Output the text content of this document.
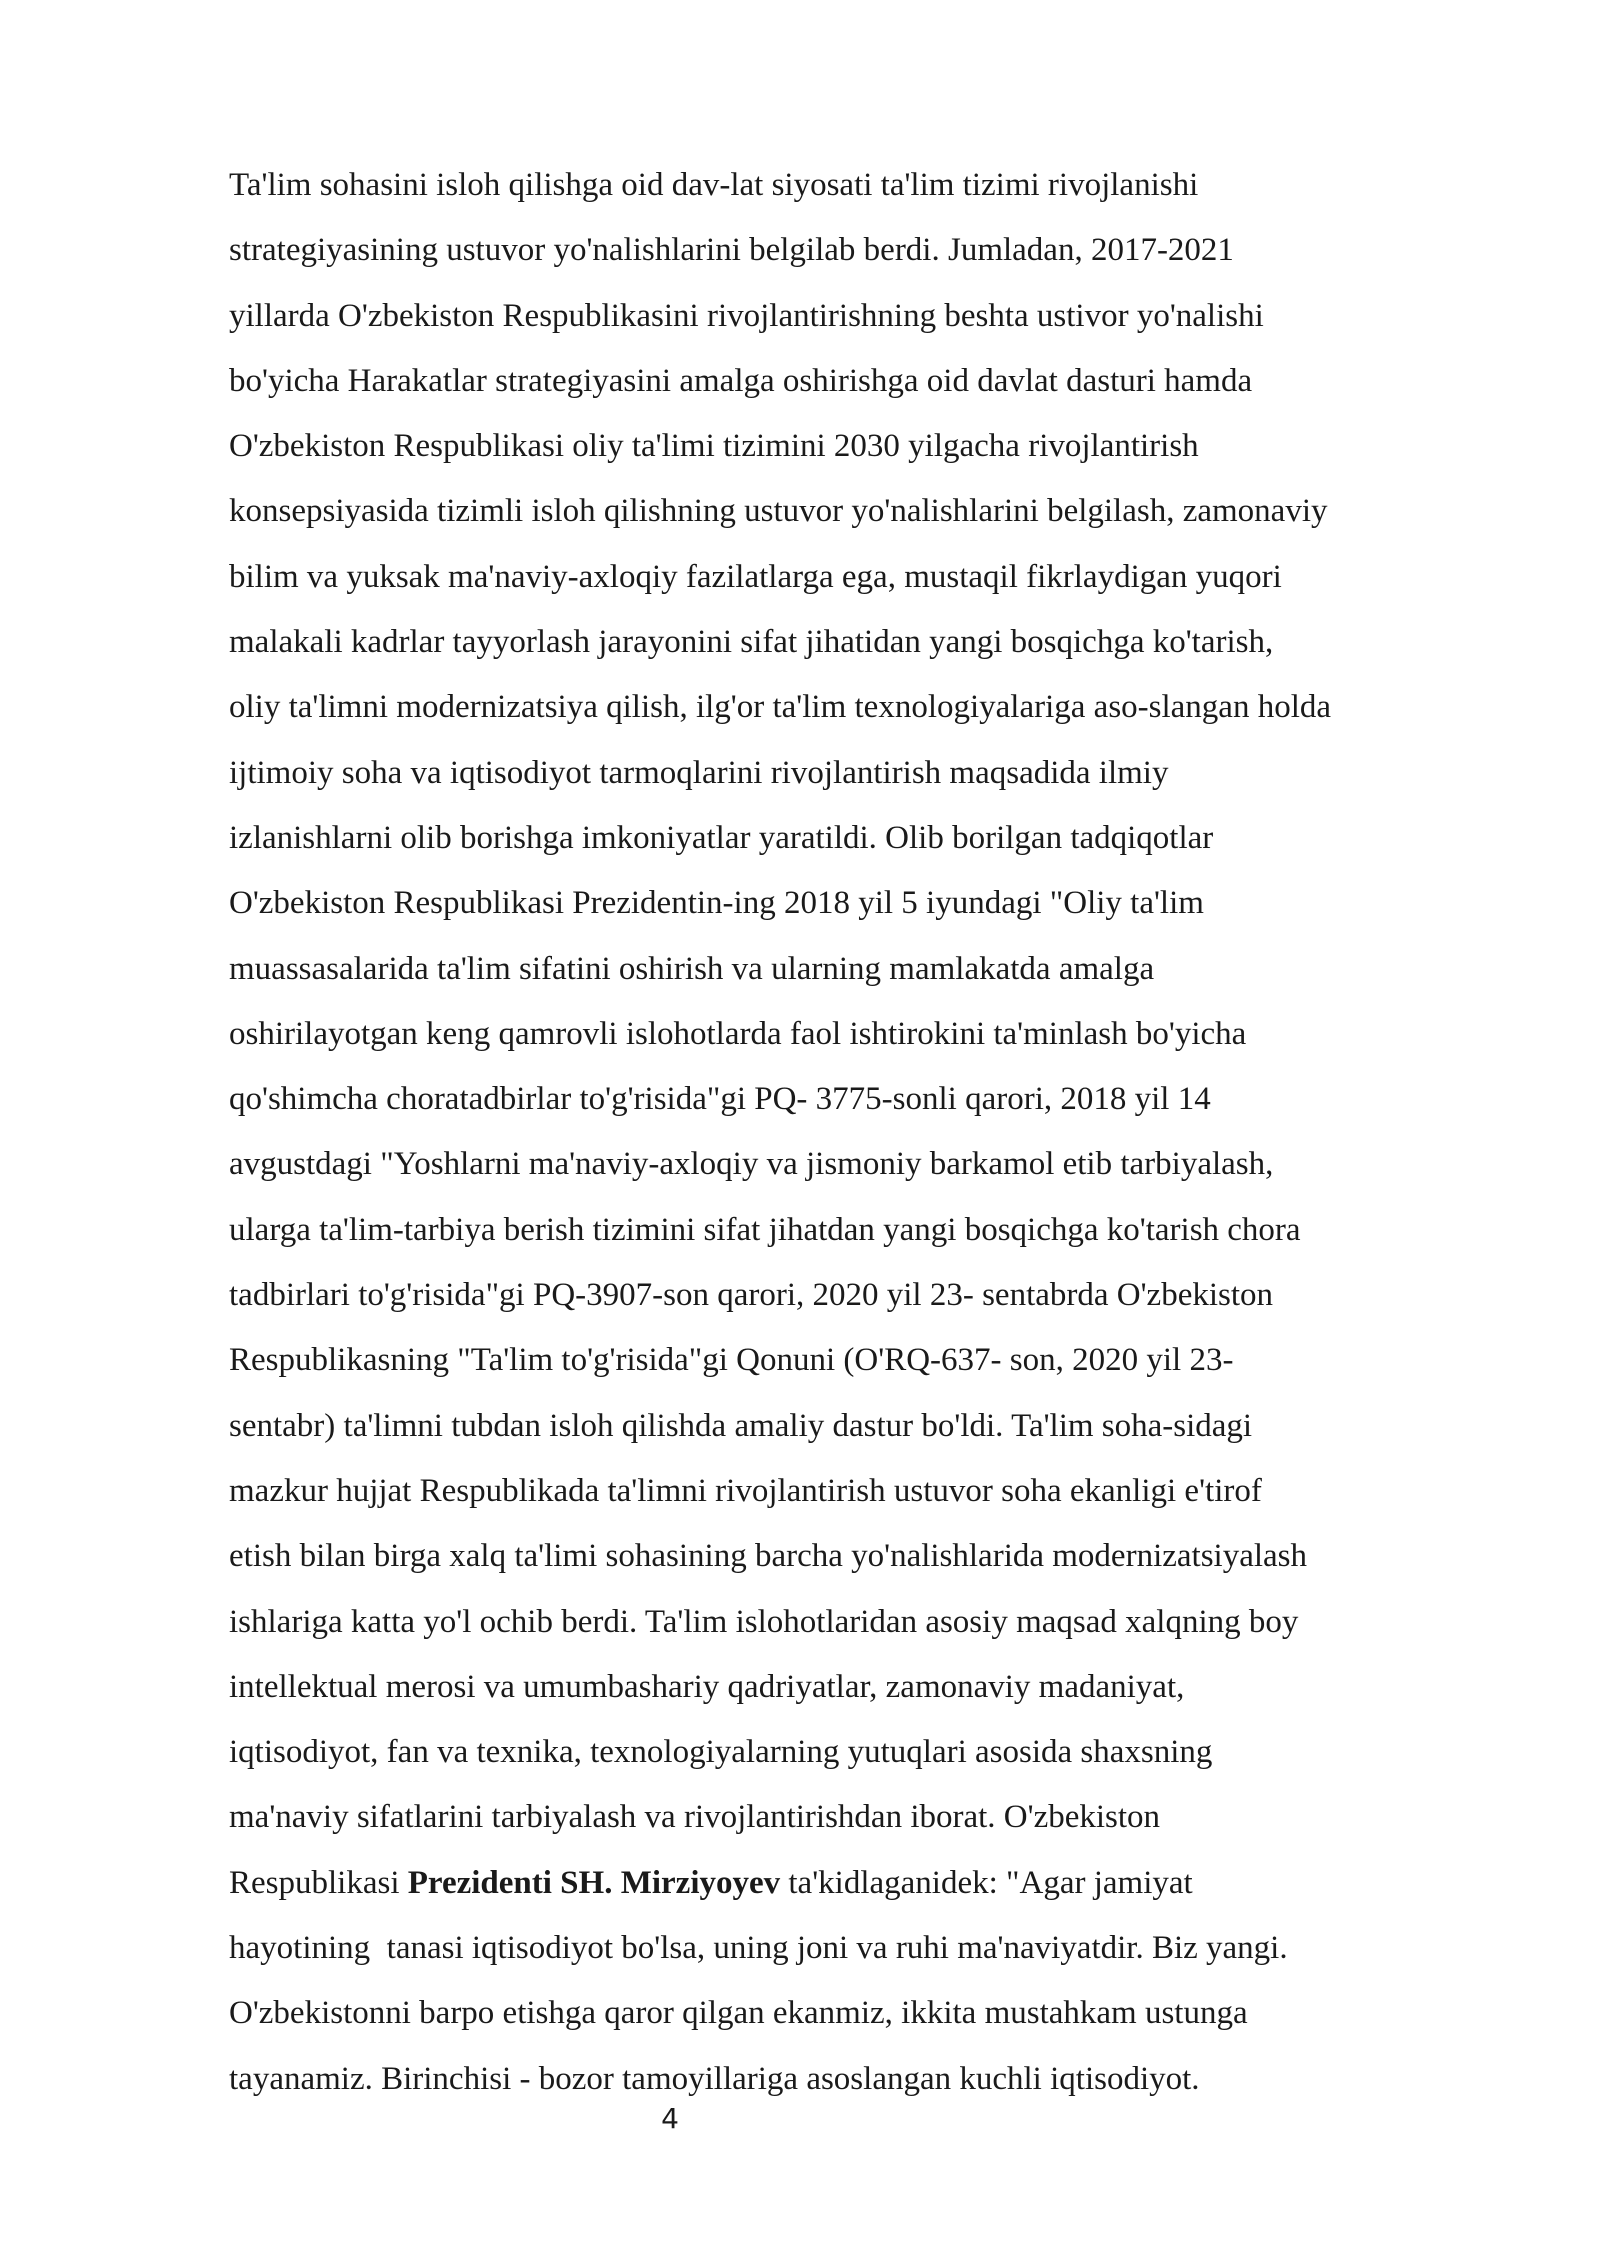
Ta'lim sohasini isloh qilishga oid dav-lat siyosati ta'lim tizimi rivojlanishi
strategiyasining ustuvor yo'nalishlarini belgilab berdi. Jumladan, 2017-2021
yillarda O'zbekiston Respublikasini rivojlantirishning beshta ustivor yo'nalishi
bo'yicha Harakatlar strategiyasini amalga oshirishga oid davlat dasturi hamda
O'zbekiston Respublikasi oliy ta'limi tizimini 2030 yilgacha rivojlantirish
konsepsiyasida tizimli isloh qilishning ustuvor yo'nalishlarini belgilash, zamonaviy
bilim va yuksak ma'naviy-axloqiy fazilatlarga ega, mustaqil fikrlaydigan yuqori
malakali kadrlar tayyorlash jarayonini sifat jihatidan yangi bosqichga ko'tarish,
oliy ta'limni modernizatsiya qilish, ilg'or ta'lim texnologiyalariga aso-slangan holda
ijtimoiy soha va iqtisodiyot tarmoqlarini rivojlantirish maqsadida ilmiy
izlanishlarni olib borishga imkoniyatlar yaratildi. Olib borilgan tadqiqotlar
O'zbekiston Respublikasi Prezidentin-ing 2018 yil 5 iyundagi "Oliy ta'lim
muassasalarida ta'lim sifatini oshirish va ularning mamlakatda amalga
oshirilayotgan keng qamrovli islohotlarda faol ishtirokini ta'minlash bo'yicha
qo'shimcha choratadbirlar to'g'risida"gi PQ- 3775-sonli qarori, 2018 yil 14
avgustdagi "Yoshlarni ma'naviy-axloqiy va jismoniy barkamol etib tarbiyalash,
ularga ta'lim-tarbiya berish tizimini sifat jihatdan yangi bosqichga ko'tarish chora
tadbirlari to'g'risida"gi PQ-3907-son qarori, 2020 yil 23- sentabrda O'zbekiston
Respublikasning "Ta'lim to'g'risida"gi Qonuni (O'RQ-637- son, 2020 yil 23-
sentabr) ta'limni tubdan isloh qilishda amaliy dastur bo'ldi. Ta'lim soha-sidagi
mazkur hujjat Respublikada ta'limni rivojlantirish ustuvor soha ekanligi e'tirof
etish bilan birga xalq ta'limi sohasining barcha yo'nalishlarida modernizatsiyalash
ishlariga katta yo'l ochib berdi. Ta'lim islohotlaridan asosiy maqsad xalqning boy
intellektual merosi va umumbashariy qadriyatlar, zamonaviy madaniyat,
iqtisodiyot, fan va texnika, texnologiyalarning yutuqlari asosida shaxsning
ma'naviy sifatlarini tarbiyalash va rivojlantirishdan iborat. O'zbekiston
Respublikasi Prezidenti SH. Mirziyoyev ta'kidlaganidek: "Agar jamiyat
hayotining  tanasi iqtisodiyot bo'lsa, uning joni va ruhi ma'naviyatdir. Biz yangi.
O'zbekistonni barpo etishga qaror qilgan ekanmiz, ikkita mustahkam ustunga
tayanamiz. Birinchisi - bozor tamoyillariga asoslangan kuchli iqtisodiyot.
4
